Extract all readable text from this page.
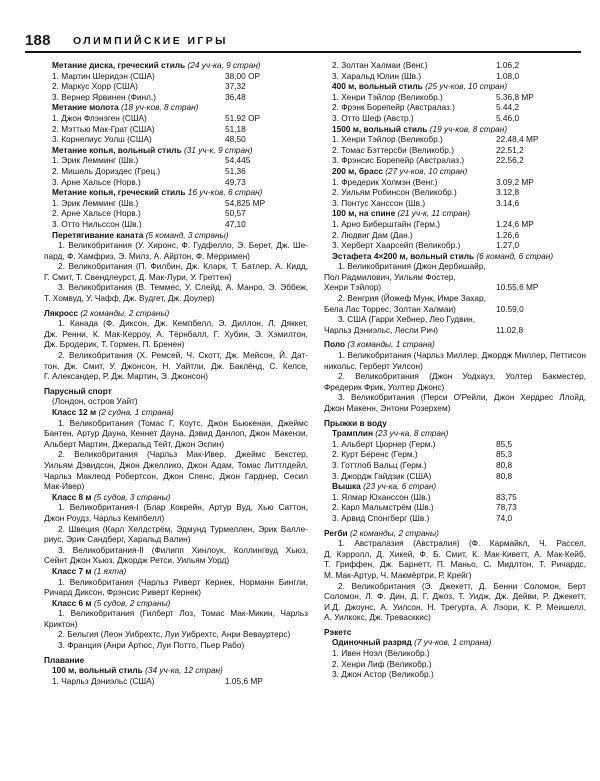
188 ОЛИМПИЙСКИЕ ИГРЫ
Метание диска, греческий стиль (24 уч-ка, 9 стран)
1. Мартин Шеридэн (США)	38,00 ОР
2. Маркус Хорр (США)	37,32
3. Вернер Ярвинен (Финл.)	36,48
Метание молота (18 уч-ков, 8 стран)
1. Джон Флэнэген (США)	51,92 ОР
2. Мэттью Мак-Грат (США)	51,18
3. Корнелиус Уолш (США)	48,50
Метание копья, вольный стиль (31 уч-к, 9 стран)
1. Эрик Лемминг (Шв.)	54,445
2. Мишель Дориздес (Грец.)	51,36
3. Арне Хальсе (Норв.)	49,73
Метание копья, греческий стиль 16 уч-ков, 6 стран)
1. Эрик Лемминг (Шв.)	54,825 МР
2. Арне Хальсе (Норв.)	50,57
3. Отто Нильссон (Шв.)	47,10
Перетягивание каната (5 команд, 3 страны)
1. Великобритания (У. Хиронс, Ф. Гудфелло, Э. Берет, Дж. Ше-
пард, Ф. Хамфриз, Э. Милз, А. Айртон, Ф. Мерримен)
2. Великобритания (П. Филбин, Дж. Кларк, Т. Батлер, А. Кидд,
Г. Смит, Т. Свендлеурст, Д. Мак-Лури, У. Греттен)
3. Великобритания (В. Теммес, У. Слейд, А. Манро, Э. Эббеж,
Т. Хомвуд, У. Чафф, Дж. Вудгет, Дж. Доулер)
Лякросс (2 команды, 2 страны)
1. Канада (Ф. Диксон, Дж. Кемпбелл, Э. Диллон, Л. Дяккет,
Дж. Ренни, К. Мак-Керроу, А. Тёрнбалл, Г. Хубин, Э. Хэмилтон,
Дж. Бродерик, Т. Гормен, П. Бренен)
2. Великобритания (Х. Ремсей, Ч. Скотт, Дж. Мейсон, Й. Дат-
тон, Дж. Смит, У. Джонсон, Н. Уайтли, Дж. Баклёнд, С. Келсе,
Г. Александер, Р. Дж. Мартин, Э. Джонсон)
Парусный спорт
(Лондон, остров Уайт)
Класс 12 м (2 судна, 1 страна)
1. Великобритания (Томас Г. Коутс, Джон Бьюкенан, Джеймс
Бантен, Артур Дауна, Кеннет Дауна, Дэвид Данлоп, Джон Макензи,
Альберт Мартин, Джеральд Тейт, Джон Эспин)
2. Великобритания (Чарльз Мак-Ивер, Джеймс Бекстер,
Уильям Дэвидсон, Джон Джеллико, Джон Адам, Томас Литтлдейл,
Чарльз Маклеод Робертсон, Джон Спенс, Джон Гарднер, Сесил
Мак-Ивер)
Класс 8 м (5 судов, 3 страны)
1. Великобритания-I (Блар Кокрейн, Артур Вуд, Хью Саттон,
Джон Роудз, Чарльз Кемпбелл)
2. Швеция (Карл Хелдстрём, Эдмунд Турмеллен, Эрик Валле-
риус, Эрик Сандберг, Харальд Валин)
3. Великобритания-II (Филипп Хинлоук, Коллингвуд Хьюз,
Сейнт Джон Хьюз, Джордж Ретси, Уильям Уорд)
Класс 7 м (1 яхта)
1. Великобритания (Чарльз Риверт Кернек, Норманн Бингли,
Ричард Диксон, Фрэнсис Риверт Кернек)
Класс 6 м (5 судов, 2 страны)
1. Великобритания (Гилберт Лоз, Томас Мак-Микин, Чарльз
Криктон)
2. Бельгия (Леон Уибрехтс, Луи Уибрехтс, Анри Вевауртерс)
3. Франция (Анри Артюс, Луи Потто, Пьер Рабо)
Плавание
100 м, вольный стиль (34 уч-ка, 12 стран)
1. Чарльз Дэниэльс (США)	1.05,6 МР
2. Золтан Халмаи (Венг.)	1.06,2
3. Харальд Юлин (Шв.)	1.08,0
400 м, вольный стиль (25 уч-ков, 10 стран)
1. Хенри Тэйлор (Великобр.)	5.36,8 МР
2. Фрэнк Борепейр (Австралаз.)	5.44,2
3. Отто Шеф (Австр.)	5.46,0
1500 м, вольный стиль (19 уч-ков, 8 стран)
1. Хенри Тэйлор (Великобр.)	22.48,4 МР
2. Томас Бэттерсби (Великобр.)	22.51,2
3. Фрэнсис Борепейр (Австралаз.)	22.56,2
200 м, брасс (27 уч-ков, 10 стран)
1. Фредерик Холмэн (Венг.)	3.09,2 МР
2. Уильям Робинсон (Великобр.)	3.12,8
3. Понтус Хансcон (Шв.)	3.14,6
100 м, на спине (21 уч-к, 11 стран)
1. Арно Биберштайн (Герм.)	1.24,6 МР
2. Людвиг Дам (Дан.)	1.26,6
3. Херберт Хаарсейп (Великобр.)	1.27,0
Эстафета 4×200 м, вольный стиль (6 команд, 6 стран)
1. Великобритания (Джон Дербишайр,
Пол Радмилович, Уильям Фостер,
Хенри Тэйлор)	10.55,6 МР
2. Венгрия (Йожеф Мунк, Имре Захар,
Бела Лас Торрес, Золтан Халмаи)	10.59,0
3. США (Гарри Хебнер, Лео Гудвин,
Чарльз Дэниэльс, Лесли Рич)	11.02,8
Поло (3 команды, 1 страна)
1. Великобритания (Чарльз Миллер, Джордж Миллер, Петтисон
никольс, Герберт Уилсон)
2. Великобритания (Джон Уодхауз, Уолтер Бакместер,
Фредерик Фрик, Уолтер Джонс)
3. Великобритания (Перси О'Рейли, Джон Хердрес Ллойд,
Джон Макенн, Энтони Розерхем)
Прыжки в воду
Трамплин (23 уч-ка, 8 стран)
1. Альберт Цюрнер (Герм.)	85,5
2. Курт Беренс (Герм.)	85,3
3. Готтлоб Вальц (Герм.)	80,8
3. Джордж Гайдзик (США)	80,8
Вышка (23 уч-ка, 6 стран)
1. Ялмар Юхансcон (Шв.)	83,75
2. Карл Мальмстрём (Шв.)	78,73
3. Арвид Спонгберг (Шв.)	74,0
Регби (2 команды, 2 страны)
1. Австралазия (Австралия) (Ф. Кармайкл, Ч. Рассел,
Д. Кэрролл, Д. Хикей, Ф. Б. Смит, К. Мак-Киветт, А. Мак-Кейб,
Т. Гриффен, Дж. Барнетт, П. Маньо, С. Мидлтон, Т. Ричардс,
М. Мак-Артур, Ч. Макмёртри, Р. Крейг)
2. Великобритания (Э. Джекетт, Д. Бенни Соломон, Берт
Соломон, Л. Ф. Дин, Д. Г. Джоз, Т. Уидж, Дж. Дейви, Р. Джекетт,
И.Д. Джоунс, А. Уилсон, Н. Трегурта, А. Лэори, К. Р. Меишелл,
А. Уилкокс, Дж. Тревасккис)
Рэкетс
Одиночный разряд (7 уч-ков, 1 страна)
1. Ивен Ноэл (Великобр.)
2. Хенри Лиф (Великобр.)
3. Джон Астор (Великобр.)
